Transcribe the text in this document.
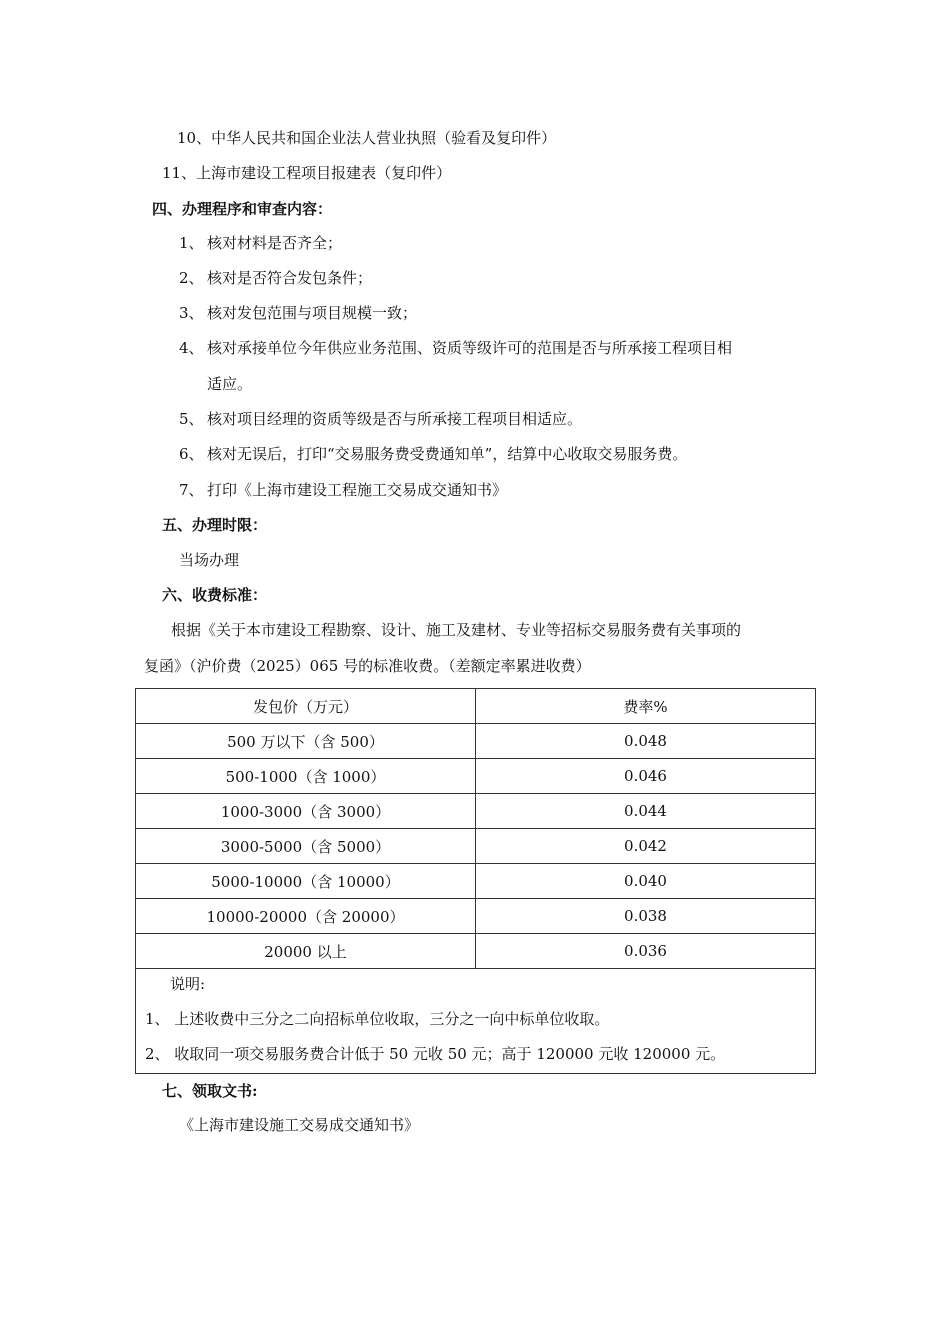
10、中华人民共和国企业法人营业执照（验看及复印件）
11、上海市建设工程项目报建表（复印件）
四、办理程序和审查内容：
1、 核对材料是否齐全；
2、 核对是否符合发包条件；
3、 核对发包范围与项目规模一致；
4、 核对承接单位今年供应业务范围、资质等级许可的范围是否与所承接工程项目相
适应。
5、 核对项目经理的资质等级是否与所承接工程项目相适应。
6、 核对无误后，打印“交易服务费受费通知单”，结算中心收取交易服务费。
7、 打印《上海市建设工程施工交易成交通知书》
五、办理时限：
当场办理
六、收费标准：
根据《关于本市建设工程勘察、设计、施工及建材、专业等招标交易服务费有关事项的
复函》（沪价费（2025）065 号的标准收费。（差额定率累进收费）
发包价（万元）	费率%
500 万以下（含 500）	0.048
500-1000（含 1000）	0.046
1000-3000（含 3000）	0.044
3000-5000（含 5000）	0.042
5000-10000（含 10000）	0.040
10000-20000（含 20000）	0.038
20000 以上	0.036

说明:
1、 上述收费中三分之二向招标单位收取，三分之一向中标单位收取。
2、 收取同一项交易服务费合计低于 50 元收 50 元；高于 120000 元收 120000 元。	
七、领取文书:
《上海市建设施工交易成交通知书》
